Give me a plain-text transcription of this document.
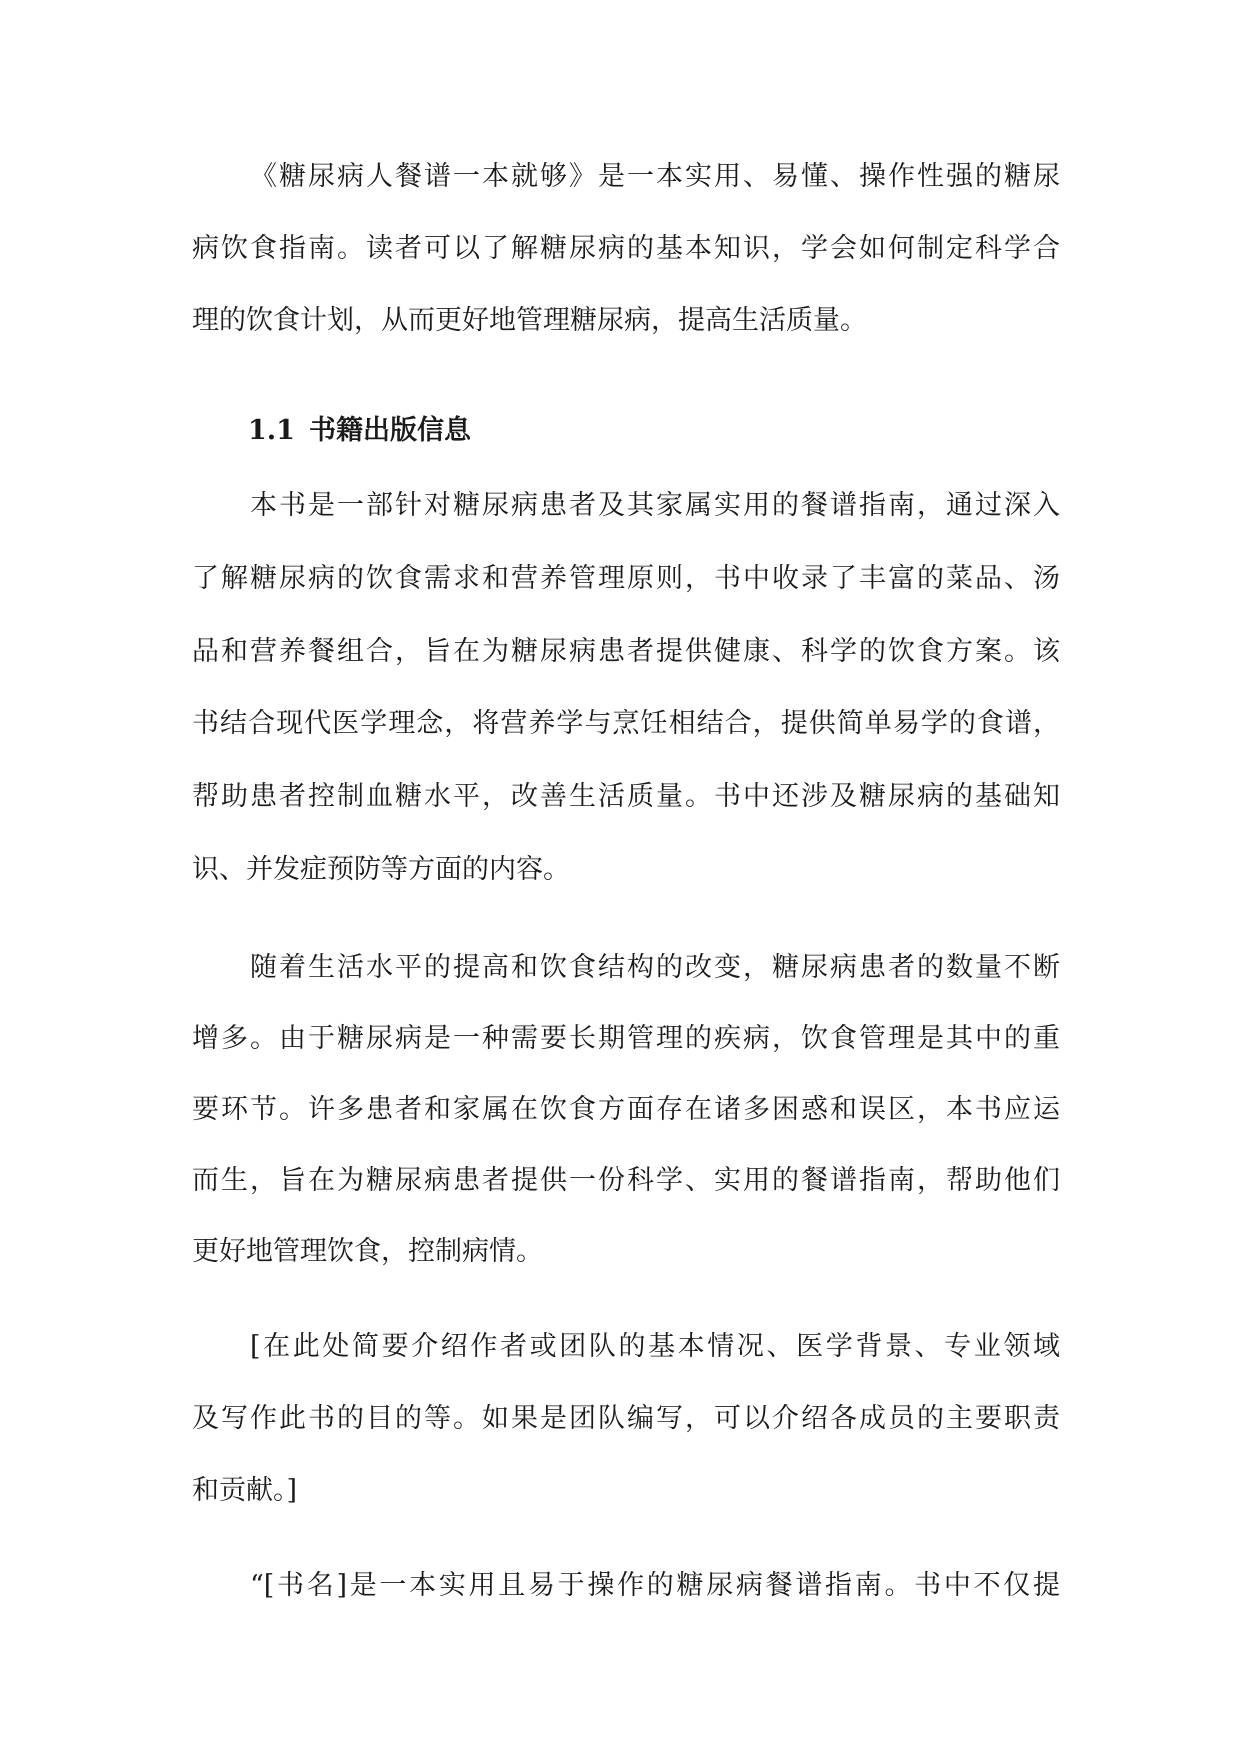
《糖尿病人餐谱一本就够》是一本实用、易懂、操作性强的糖尿
病饮食指南。读者可以了解糖尿病的基本知识，学会如何制定科学合
理的饮食计划，从而更好地管理糖尿病，提高生活质量。
1.1 书籍出版信息
本书是一部针对糖尿病患者及其家属实用的餐谱指南，通过深入
了解糖尿病的饮食需求和营养管理原则，书中收录了丰富的菜品、汤
品和营养餐组合，旨在为糖尿病患者提供健康、科学的饮食方案。该
书结合现代医学理念，将营养学与烹饪相结合，提供简单易学的食谱，
帮助患者控制血糖水平，改善生活质量。书中还涉及糖尿病的基础知
识、并发症预防等方面的内容。
随着生活水平的提高和饮食结构的改变，糖尿病患者的数量不断
增多。由于糖尿病是一种需要长期管理的疾病，饮食管理是其中的重
要环节。许多患者和家属在饮食方面存在诸多困惑和误区，本书应运
而生，旨在为糖尿病患者提供一份科学、实用的餐谱指南，帮助他们
更好地管理饮食，控制病情。
[在此处简要介绍作者或团队的基本情况、医学背景、专业领域
及写作此书的目的等。如果是团队编写，可以介绍各成员的主要职责
和贡献。]
“[书名]是一本实用且易于操作的糖尿病餐谱指南。书中不仅提
